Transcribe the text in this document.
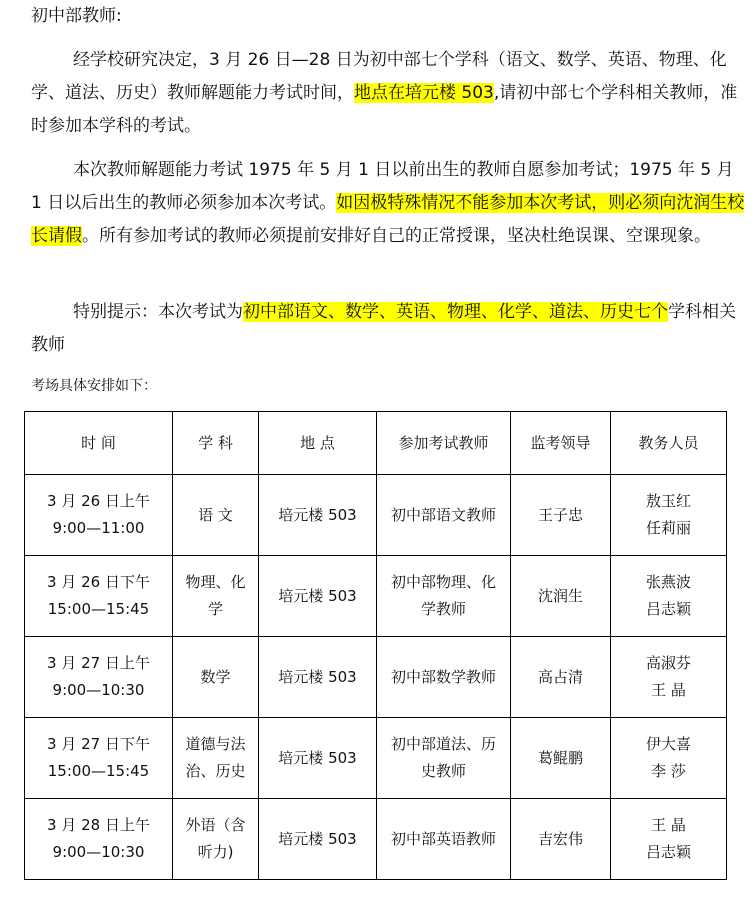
初中部教师:

经学校研究决定，3 月 26 日—28 日为初中部七个学科（语文、数学、英语、物理、化学、道法、历史）教师解题能力考试时间，地点在培元楼 503,请初中部七个学科相关教师，准时参加本学科的考试。

本次教师解题能力考试 1975 年 5 月 1 日以前出生的教师自愿参加考试；1975 年 5 月 1 日以后出生的教师必须参加本次考试。如因极特殊情况不能参加本次考试，则必须向沈润生校长请假。所有参加考试的教师必须提前安排好自己的正常授课，坚决杜绝误课、空课现象。

特别提示：本次考试为初中部语文、数学、英语、物理、化学、道法、历史七个学科相关教师

考场具体安排如下：
时 间	学 科	地 点	参加考试教师	监考领导	教务人员

3 月 26 日上午
9:00—11:00	语 文	培元楼 503	初中部语文教师	王子忠	敖玉红
任莉丽

3 月 26 日下午
15:00—15:45	物理、化
学	培元楼 503	初中部物理、化
学教师	沈润生	张燕波
吕志颖

3 月 27 日上午
9:00—10:30	数学	培元楼 503	初中部数学教师	高占清	高淑芬
王 晶

3 月 27 日下午
15:00—15:45	道德与法
治、历史	培元楼 503	初中部道法、历
史教师	葛鲲鹏	伊大喜
李 莎

3 月 28 日上午
9:00—10:30	外语（含
听力)	培元楼 503	初中部英语教师	吉宏伟	王 晶
吕志颖
